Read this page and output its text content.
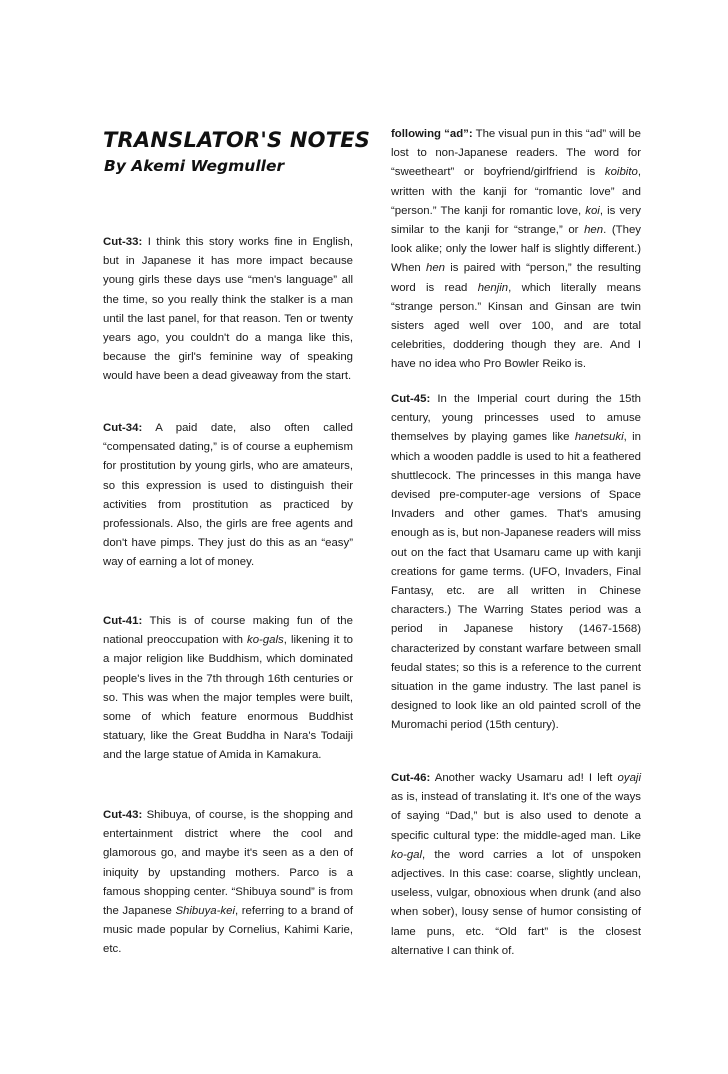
TRANSLATOR'S NOTES
By Akemi Wegmuller

Cut-33: I think this story works fine in English, but in Japanese it has more impact because young girls these days use “men's language” all the time, so you really think the stalker is a man until the last panel, for that reason. Ten or twenty years ago, you couldn't do a manga like this, because the girl's feminine way of speaking would have been a dead giveaway from the start.

Cut-34: A paid date, also often called “compensated dating,” is of course a euphemism for prostitution by young girls, who are amateurs, so this expression is used to distinguish their activities from prostitution as practiced by professionals. Also, the girls are free agents and don't have pimps. They just do this as an “easy” way of earning a lot of money.

Cut-41: This is of course making fun of the national preoccupation with ko-gals, likening it to a major religion like Buddhism, which dominated people's lives in the 7th through 16th centuries or so. This was when the major temples were built, some of which feature enormous Buddhist statuary, like the Great Buddha in Nara's Todaiji and the large statue of Amida in Kamakura.

Cut-43: Shibuya, of course, is the shopping and entertainment district where the cool and glamorous go, and maybe it's seen as a den of iniquity by upstanding mothers. Parco is a famous shopping center. “Shibuya sound” is from the Japanese Shibuya-kei, referring to a brand of music made popular by Cornelius, Kahimi Karie, etc.

following “ad”: The visual pun in this “ad” will be lost to non-Japanese readers. The word for “sweetheart” or boyfriend/girlfriend is koibito, written with the kanji for “romantic love” and “person.” The kanji for romantic love, koi, is very similar to the kanji for “strange,” or hen. (They look alike; only the lower half is slightly different.) When hen is paired with “person,” the resulting word is read henjin, which literally means “strange person.” Kinsan and Ginsan are twin sisters aged well over 100, and are total celebrities, doddering though they are. And I have no idea who Pro Bowler Reiko is.

Cut-45: In the Imperial court during the 15th century, young princesses used to amuse themselves by playing games like hanetsuki, in which a wooden paddle is used to hit a feathered shuttlecock. The princesses in this manga have devised pre-computer-age versions of Space Invaders and other games. That's amusing enough as is, but non-Japanese readers will miss out on the fact that Usamaru came up with kanji creations for game terms. (UFO, Invaders, Final Fantasy, etc. are all written in Chinese characters.) The Warring States period was a period in Japanese history (1467-1568) characterized by constant warfare between small feudal states; so this is a reference to the current situation in the game industry. The last panel is designed to look like an old painted scroll of the Muromachi period (15th century).

Cut-46: Another wacky Usamaru ad! I left oyaji as is, instead of translating it. It's one of the ways of saying “Dad,” but is also used to denote a specific cultural type: the middle-aged man. Like ko-gal, the word carries a lot of unspoken adjectives. In this case: coarse, slightly unclean, useless, vulgar, obnoxious when drunk (and also when sober), lousy sense of humor consisting of lame puns, etc. “Old fart” is the closest alternative I can think of.
